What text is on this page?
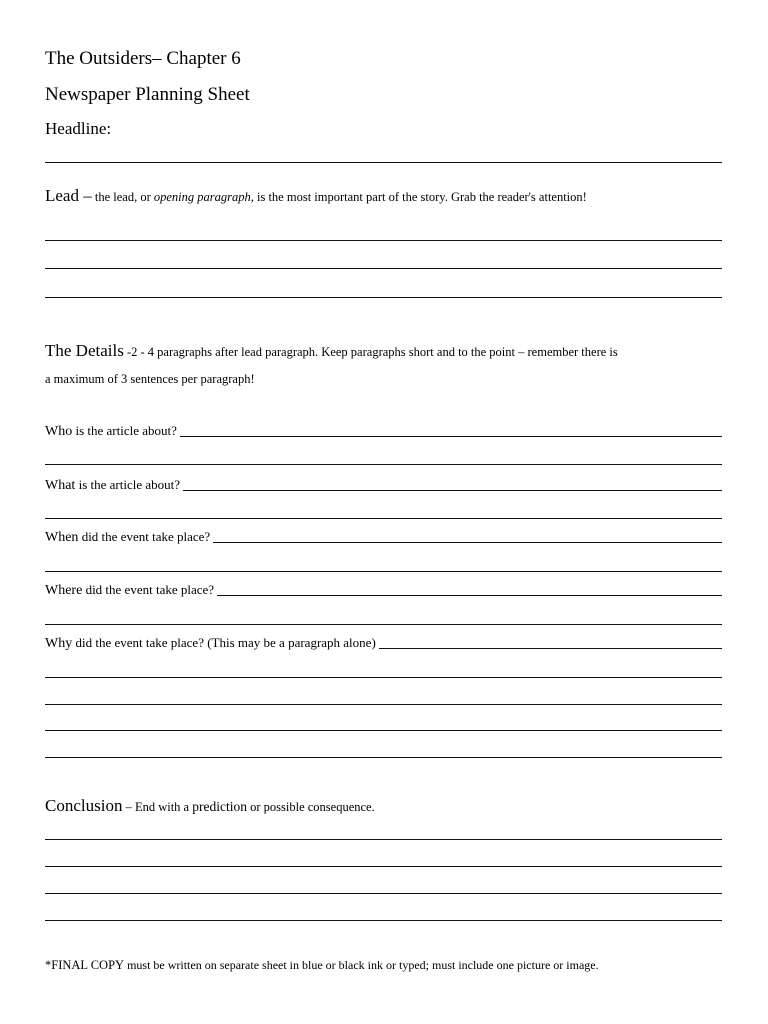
The Outsiders– Chapter 6
Newspaper Planning Sheet
Headline:
Lead – the lead, or opening paragraph, is the most important part of the story. Grab the reader's attention!
The Details -2 - 4 paragraphs after lead paragraph. Keep paragraphs short and to the point – remember there is
a maximum of 3 sentences per paragraph!
Who is the article about?
What is the article about?
When did the event take place?
Where did the event take place?
Why did the event take place? (This may be a paragraph alone)
Conclusion – End with a prediction or possible consequence.
*FINAL COPY must be written on separate sheet in blue or black ink or typed; must include one picture or image.
